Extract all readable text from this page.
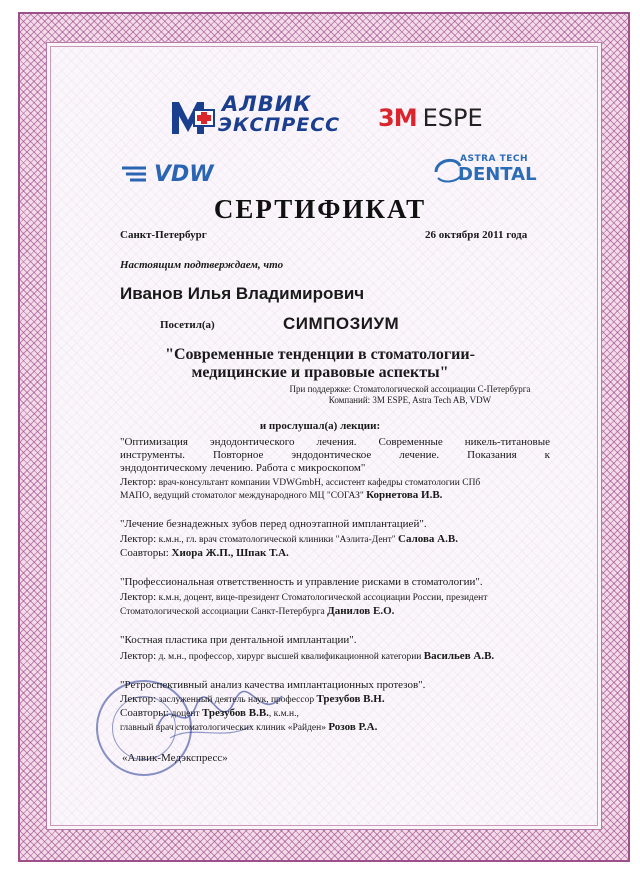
АЛВИК
ЭКСПРЕСС 3M ESPE
VDW
ASTRA TECH
DENTAL
СЕРТИФИКАТ
Санкт-Петербург	26 октября 2011 года
Настоящим подтверждаем, что
Иванов Илья Владимирович
Посетил(а)	СИМПОЗИУМ
"Современные тенденции в стоматологии-
медицинские и правовые аспекты"
При поддержке: Стоматологической ассоциации С-Петербурга
Компаний: 3М ESPE, Astra Tech AB, VDW
и прослушал(а) лекции:
"Оптимизация эндодонтического лечения. Современные никель-титановые
инструменты. Повторное эндодонтическое лечение. Показания к
эндодонтическому лечению. Работа с микроскопом"
Лектор: врач-консультант компании VDWGmbH, ассистент кафедры стоматологии СПб
МАПО, ведущий стоматолог международного МЦ "СОГАЗ" Корнетова И.В.
"Лечение безнадежных зубов перед одноэтапной имплантацией".
Лектор: к.м.н., гл. врач стоматологической клиники "Аэлита-Дент" Салова А.В.
Соавторы: Хиора Ж.П., Шпак Т.А.
"Профессиональная ответственность и управление рисками в стоматологии".
Лектор: к.м.н, доцент, вице-президент Стоматологической ассоциации России, президент
Стоматологической ассоциации Санкт-Петербурга Данилов Е.О.
"Костная пластика при дентальной имплантации".
Лектор: д. м.н., профессор, хирург высшей квалификационной категории Васильев А.В.
"Ретроспективный анализ качества имплантационных протезов".
Лектор: заслуженный деятель наук, профессор Трезубов В.Н.
Соавторы: доцент Трезубов В.В., к.м.н.,
главный врач стоматологических клиник «Райден» Розов Р.А.
«Алвик-Медэкспресс»
